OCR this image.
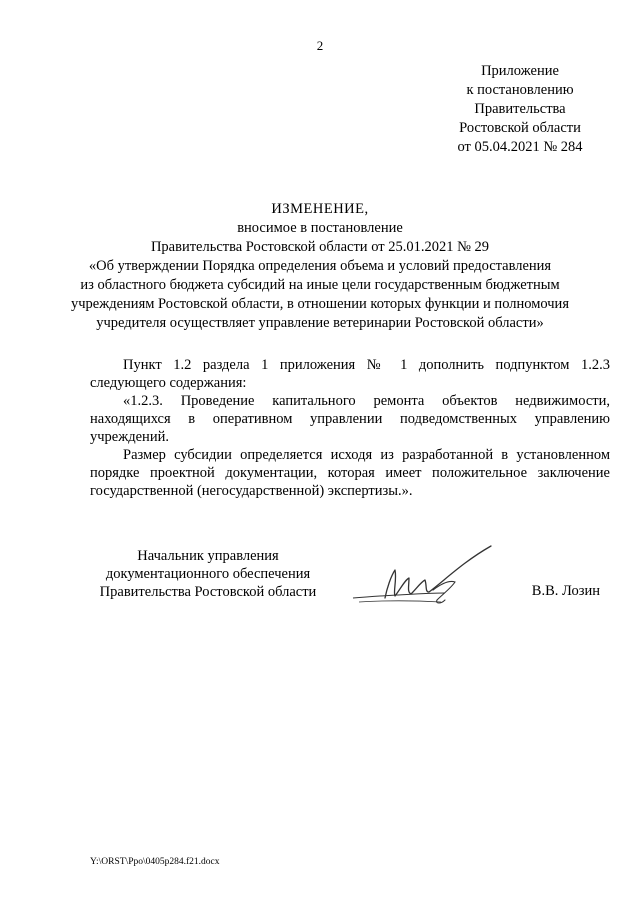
2
Приложение
к постановлению
Правительства
Ростовской области
от 05.04.2021 № 284
ИЗМЕНЕНИЕ,
вносимое в постановление
Правительства Ростовской области от 25.01.2021 № 29
«Об утверждении Порядка определения объема и условий предоставления
из областного бюджета субсидий на иные цели государственным бюджетным
учреждениям Ростовской области, в отношении которых функции и полномочия
учредителя осуществляет управление ветеринарии Ростовской области»

Пункт 1.2 раздела 1 приложения № 1 дополнить подпунктом 1.2.3 следующего содержания:

«1.2.3. Проведение капитального ремонта объектов недвижимости, находящихся в оперативном управлении подведомственных управлению учреждений.

Размер субсидии определяется исходя из разработанной в установленном порядке проектной документации, которая имеет положительное заключение государственной (негосударственной) экспертизы.».

Начальник управления
документационного обеспечения
Правительства Ростовской области	В.В. Лозин
Y:\ORST\Ppo\0405p284.f21.docx
